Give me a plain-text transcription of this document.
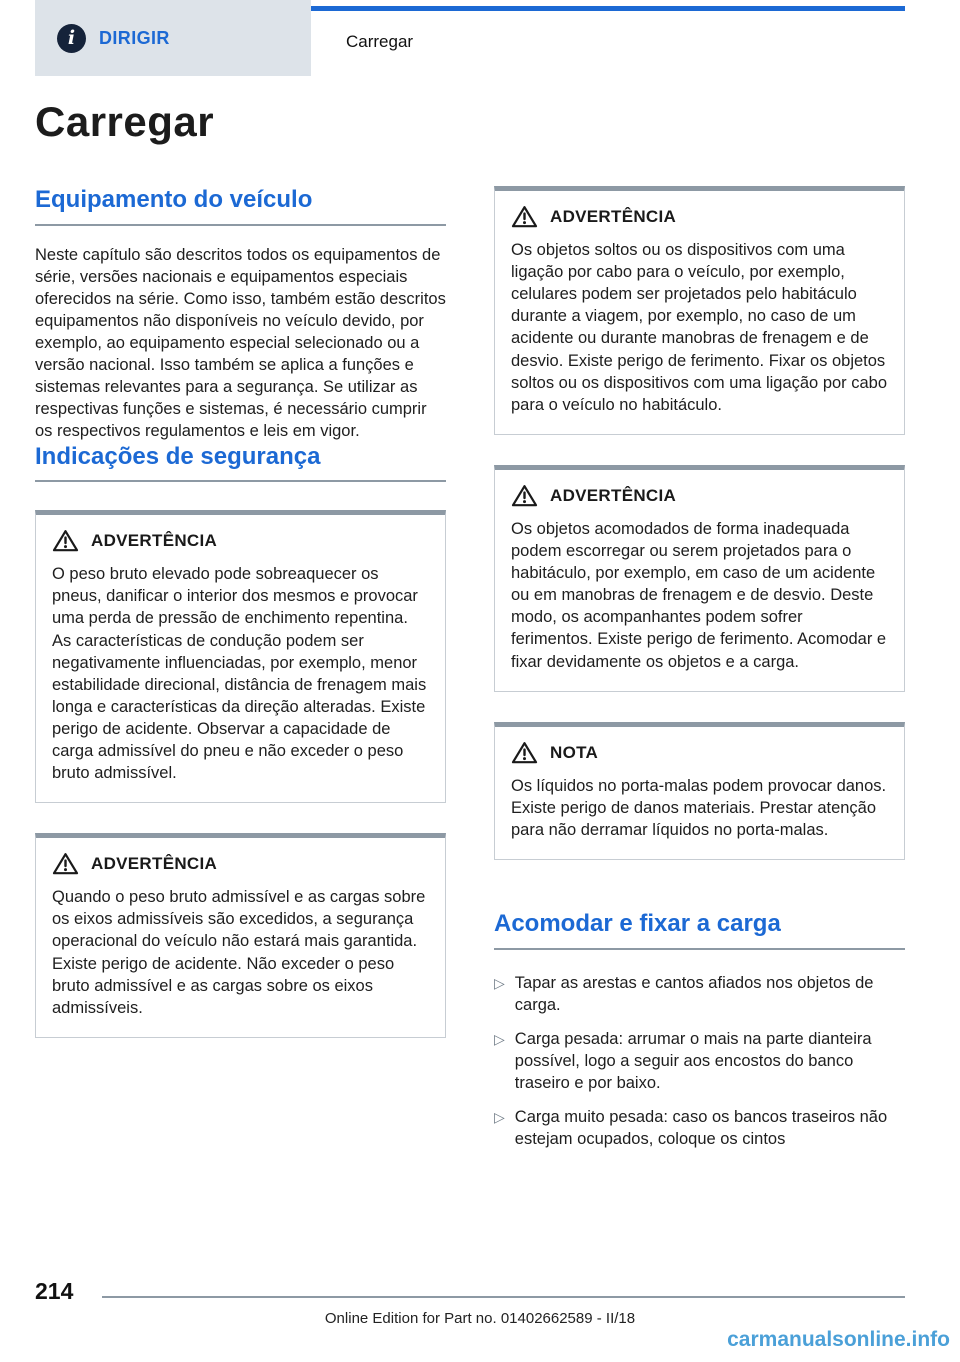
i DIRIGIR	Carregar
Carregar
Equipamento do veículo

Neste capítulo são descritos todos os equipamentos de série, versões nacionais e equipamentos especiais oferecidos na série. Como isso, também estão descritos equipamentos não disponíveis no veículo devido, por exemplo, ao equipamento especial selecionado ou a versão nacional. Isso também se aplica a funções e sistemas relevantes para a segurança. Se utilizar as respectivas funções e sistemas, é necessário cumprir os respectivos regulamentos e leis em vigor.

Indicações de segurança
ADVERTÊNCIA

O peso bruto elevado pode sobreaquecer os pneus, danificar o interior dos mesmos e provocar uma perda de pressão de enchimento repentina. As características de condução podem ser negativamente influenciadas, por exemplo, menor estabilidade direcional, distância de frenagem mais longa e características da direção alteradas. Existe perigo de acidente. Observar a capacidade de carga admissível do pneu e não exceder o peso bruto admissível.

ADVERTÊNCIA

Quando o peso bruto admissível e as cargas sobre os eixos admissíveis são excedidos, a segurança operacional do veículo não estará mais garantida. Existe perigo de acidente. Não exceder o peso bruto admissível e as cargas sobre os eixos admissíveis.

ADVERTÊNCIA

Os objetos soltos ou os dispositivos com uma ligação por cabo para o veículo, por exemplo, celulares podem ser projetados pelo habitáculo durante a viagem, por exemplo, no caso de um acidente ou durante manobras de frenagem e de desvio. Existe perigo de ferimento. Fixar os objetos soltos ou os dispositivos com uma ligação por cabo para o veículo no habitáculo.

ADVERTÊNCIA

Os objetos acomodados de forma inadequada podem escorregar ou serem projetados para o habitáculo, por exemplo, em caso de um acidente ou em manobras de frenagem e de desvio. Deste modo, os acompanhantes podem sofrer ferimentos. Existe perigo de ferimento. Acomodar e fixar devidamente os objetos e a carga.

NOTA

Os líquidos no porta-malas podem provocar danos. Existe perigo de danos materiais. Prestar atenção para não derramar líquidos no porta-malas.

Acomodar e fixar a carga
▷ Tapar as arestas e cantos afiados nos objetos de carga.
▷ Carga pesada: arrumar o mais na parte dianteira possível, logo a seguir aos encostos do banco traseiro e por baixo.
▷ Carga muito pesada: caso os bancos traseiros não estejam ocupados, coloque os cintos
214
Online Edition for Part no. 01402662589 - II/18
carmanualsonline.info
